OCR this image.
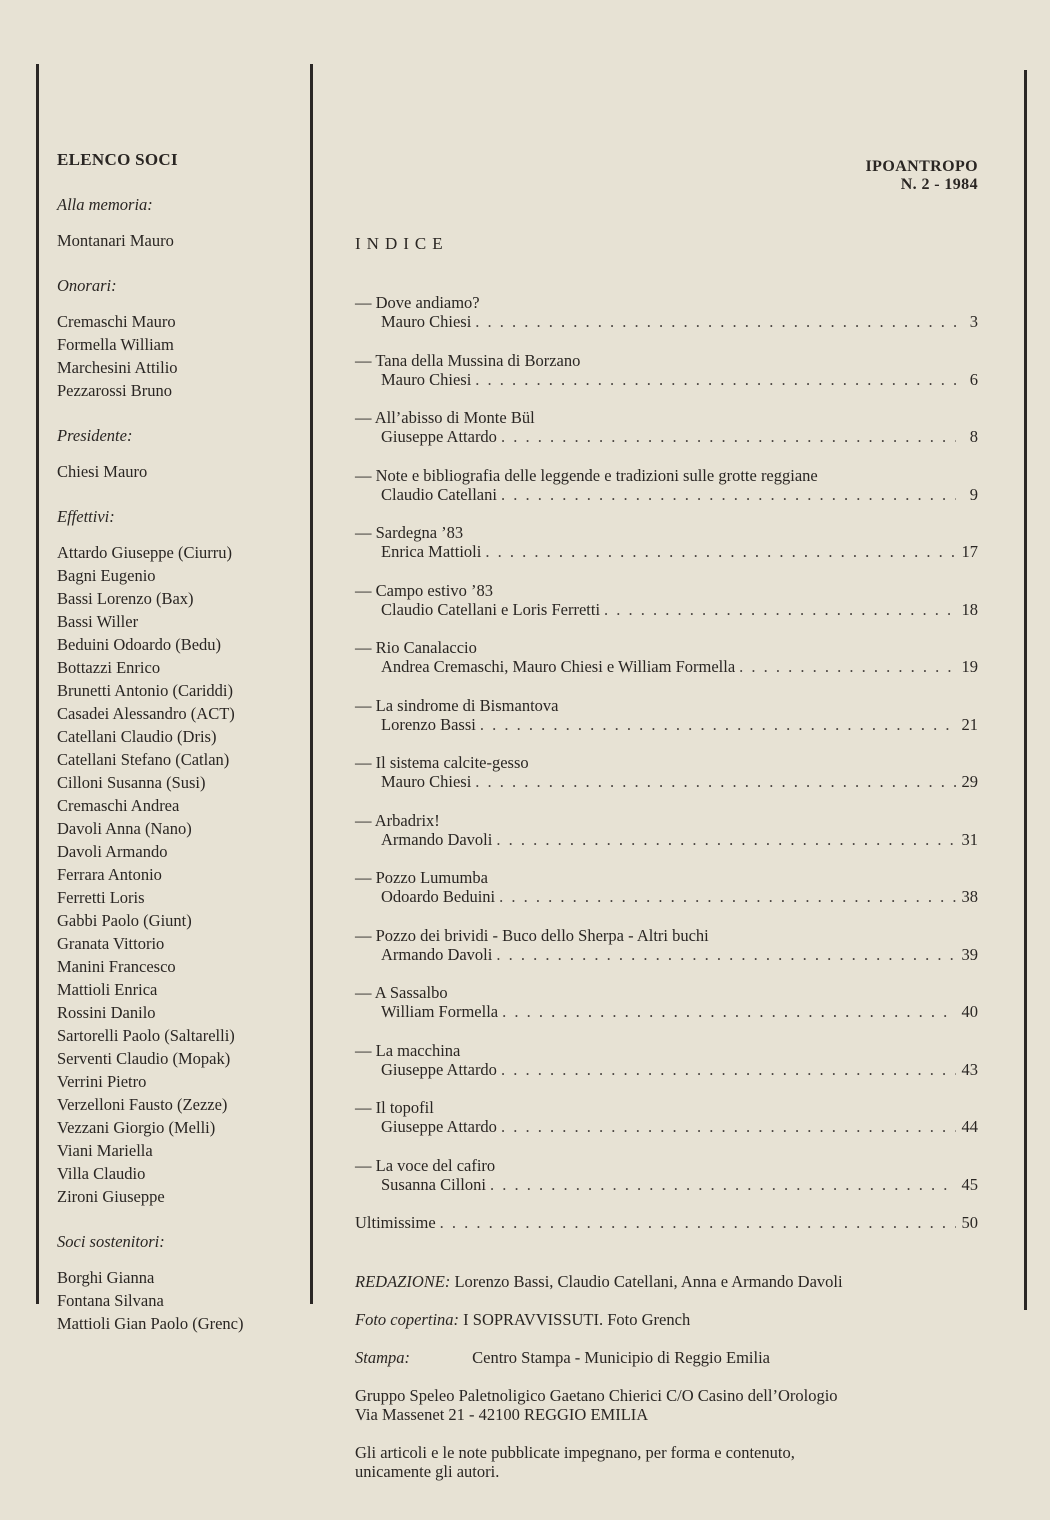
ELENCO SOCI
Alla memoria:
Montanari Mauro
Onorari:
Cremaschi Mauro
Formella William
Marchesini Attilio
Pezzarossi Bruno
Presidente:
Chiesi Mauro
Effettivi:
Attardo Giuseppe (Ciurru)
Bagni Eugenio
Bassi Lorenzo (Bax)
Bassi Willer
Beduini Odoardo (Bedu)
Bottazzi Enrico
Brunetti Antonio (Cariddi)
Casadei Alessandro (ACT)
Catellani Claudio (Dris)
Catellani Stefano (Catlan)
Cilloni Susanna (Susi)
Cremaschi Andrea
Davoli Anna (Nano)
Davoli Armando
Ferrara Antonio
Ferretti Loris
Gabbi Paolo (Giunt)
Granata Vittorio
Manini Francesco
Mattioli Enrica
Rossini Danilo
Sartorelli Paolo (Saltarelli)
Serventi Claudio (Mopak)
Verrini Pietro
Verzelloni Fausto (Zezze)
Vezzani Giorgio (Melli)
Viani Mariella
Villa Claudio
Zironi Giuseppe
Soci sostenitori:
Borghi Gianna
Fontana Silvana
Mattioli Gian Paolo (Grenc)
IPOANTROPO
N. 2 - 1984
INDICE
— Dove andiamo?
Mauro Chiesi . . .	3
— Tana della Mussina di Borzano
Mauro Chiesi . . .	6
— All’abisso di Monte Bül
Giuseppe Attardo . . .	8
— Note e bibliografia delle leggende e tradizioni sulle grotte reggiane
Claudio Catellani . . .	9
— Sardegna ’83
Enrica Mattioli . . .	17
— Campo estivo ’83
Claudio Catellani e Loris Ferretti . . .	18
— Rio Canalaccio
Andrea Cremaschi, Mauro Chiesi e William Formella . . .	19
— La sindrome di Bismantova
Lorenzo Bassi . . .	21
— Il sistema calcite-gesso
Mauro Chiesi . . .	29
— Arbadrix!
Armando Davoli . . .	31
— Pozzo Lumumba
Odoardo Beduini . . .	38
— Pozzo dei brividi - Buco dello Sherpa - Altri buchi
Armando Davoli . . .	39
— A Sassalbo
William Formella . . .	40
— La macchina
Giuseppe Attardo . . .	43
— Il topofil
Giuseppe Attardo . . .	44
— La voce del cafiro
Susanna Cilloni . . .	45
Ultimissime . . .	50
REDAZIONE: Lorenzo Bassi, Claudio Catellani, Anna e Armando Davoli
Foto copertina: I SOPRAVVISSUTI. Foto Grench
Stampa:	Centro Stampa - Municipio di Reggio Emilia
Gruppo Speleo Paletnoligico Gaetano Chierici C/O Casino dell’Orologio
Via Massenet 21 - 42100 REGGIO EMILIA
Gli articoli e le note pubblicate impegnano, per forma e contenuto,
unicamente gli autori.
